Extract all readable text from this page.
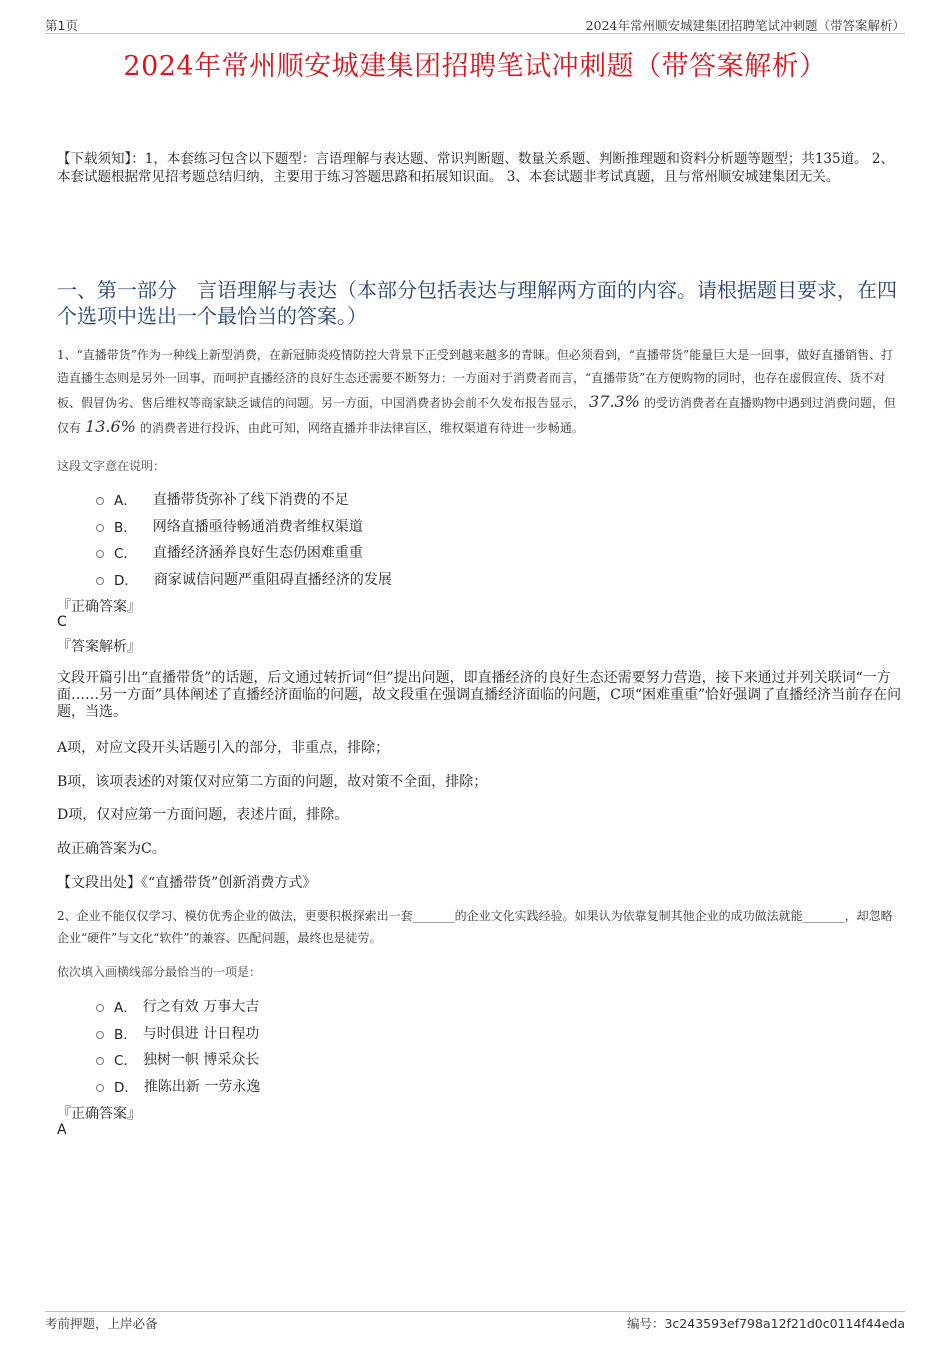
第1页	2024年常州顺安城建集团招聘笔试冲刺题（带答案解析）
2024年常州顺安城建集团招聘笔试冲刺题（带答案解析）
【下载须知】：1，本套练习包含以下题型：言语理解与表达题、常识判断题、数量关系题、判断推理题和资料分析题等题型；共135道。 2、本套试题根据常见招考题总结归纳，主要用于练习答题思路和拓展知识面。 3、本套试题非考试真题，且与常州顺安城建集团无关。
一、第一部分　言语理解与表达（本部分包括表达与理解两方面的内容。请根据题目要求，在四个选项中选出一个最恰当的答案。）
1、“直播带货”作为一种线上新型消费，在新冠肺炎疫情防控大背景下正受到越来越多的青睐。但必须看到，“直播带货”能量巨大是一回事，做好直播销售、打造直播生态则是另外一回事，而呵护直播经济的良好生态还需要不断努力：一方面对于消费者而言，“直播带货”在方便购物的同时，也存在虚假宣传、货不对板、假冒伪劣、售后维权等商家缺乏诚信的问题。另一方面，中国消费者协会前不久发布报告显示， 37.3% 的受访消费者在直播购物中遇到过消费问题，但仅有 13.6% 的消费者进行投诉，由此可知，网络直播并非法律盲区，维权渠道有待进一步畅通。
这段文字意在说明：
A． 直播带货弥补了线下消费的不足
B． 网络直播亟待畅通消费者维权渠道
C． 直播经济涵养良好生态仍困难重重
D． 商家诚信问题严重阻碍直播经济的发展
『正确答案』
C
『答案解析』
文段开篇引出“直播带货”的话题，后文通过转折词“但”提出问题，即直播经济的良好生态还需要努力营造，接下来通过并列关联词“一方面……另一方面”具体阐述了直播经济面临的问题，故文段重在强调直播经济面临的问题，C项“困难重重”恰好强调了直播经济当前存在问题，当选。
A项，对应文段开头话题引入的部分，非重点，排除；
B项，该项表述的对策仅对应第二方面的问题，故对策不全面，排除；
D项，仅对应第一方面问题，表述片面，排除。
故正确答案为C。
【文段出处】《“直播带货”创新消费方式》
2、企业不能仅仅学习、模仿优秀企业的做法，更要积极探索出一套_______的企业文化实践经验。如果认为依靠复制其他企业的成功做法就能_______，却忽略企业“硬件”与文化“软件”的兼容、匹配问题，最终也是徒劳。
依次填入画横线部分最恰当的一项是：
A． 行之有效 万事大吉
B． 与时俱进 计日程功
C． 独树一帜 博采众长
D． 推陈出新 一劳永逸
『正确答案』
A
考前押题，上岸必备	编号：3c243593ef798a12f21d0c0114f44eda
